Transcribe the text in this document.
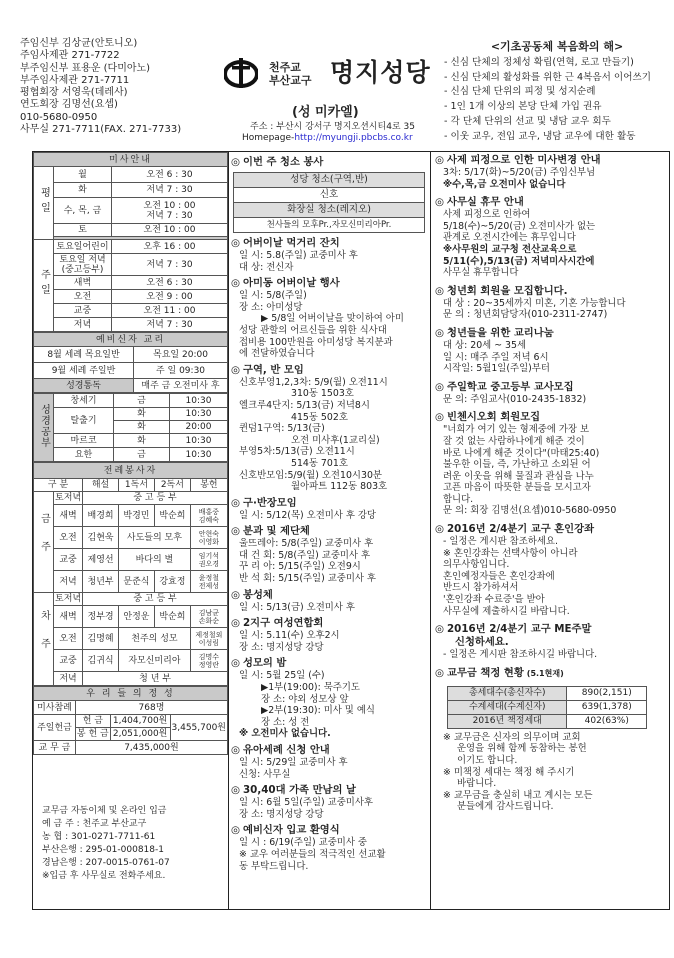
주임신부 김상균(안토니오)
주임사제관 271-7722
부주임신부 표용운 (다미아노)
부주임사제관 271-7711
평협회장 서영욱(데레사)
연도회장 김명선(요셉)
010-5680-0950
사무실 271-7711(FAX. 271-7733)
천주교
부산교구 명지성당
(성 미카엘)
주소 : 부산시 강서구 명지오션시티4로 35
Homepage-http://myungji.pbcbs.co.kr
<기초공동체 복음화의 해>
- 신심 단체의 정체성 확립(연혁, 로고 만들기)
- 신심 단체의 활성화를 위한 근 4복음서 이어쓰기
- 신심 단체 단위의 피정 및 성지순례
- 1인 1개 이상의 본당 단체 가입 권유
- 각 단체 단위의 선교 및 냉담 교우 회두
- 이웃 교우, 전입 교우, 냉담 교우에 대한 활동
미사안내		
평일	월	오전 6 : 30
	화	저녁 7 : 30
	수, 목, 금	오전 10 : 00
저녁 7 : 30
	토	오전 10 : 00

주일	토요일어린이	오후 16 : 00
	토요일 저녁
(중고등부)	저녁 7 : 30
	새벽	오전 6 : 30
	오전	오전 9 : 00
	교중	오전 11 : 00
	저녁	저녁 7 : 30
예비신자 교리	
8월 세례 목요일반	목요일 20:00
9월 세례 주일반	주 일 09:30
성경통독	매주 금 오전미사 후
성경공부	창세기	금	10:30
	탈출기	화	10:30
		화	20:00
	마르코	화	10:30
	요한	금	10:30
전례봉사자					
구 분		해설	1독서	2독서	봉헌
금주	토저녁	중 고 등 부			
	새벽	배경희	박경민	박순희	배홍중
김혜숙
	오전	김현욱	사도들의 모후		안현숙
이영화
	교중	제영선	바다의 별		임기석
권오경
	저녁	청년부	문준식	강효정	윤정철
전제성
차주	토저녁	중 고 등 부			
	새벽	정부경	안정운	박순희	김남균
손화순
	오전	김명혜	천주의 성모		제정철외
이성림
	교중	김귀식	자모신미리아		김명수
정영란
	저녁	청 년 부			
우 리 들 의 정 성			
미사참례	768명		
주일헌금	헌 금	1,404,700원	3,455,700원
	봉 헌 금	2,051,000원	
교 무 금	7,435,000원		
교무금 자동이체 및 온라인 입금
예 금 주 : 천주교 부산교구
농 협 : 301-0271-7711-61
부산은행 : 295-01-000818-1
경남은행 : 207-0015-0761-07
※입금 후 사무실로 전화주세요.
◎ 이번 주 청소 봉사
성당 청소(구역,반)
신호
화장실 청소(레지오)
천사들의 모후Pr.,자모신미리아Pr.
◎ 어버이날 먹거리 잔치
일 시: 5.8(주일) 교중미사 후
대 상: 전신자
◎ 아미동 어버이날 행사
일 시: 5/8(주일)
장 소: 아미성당
▶ 5/8일 어버이날을 맞이하여 아미
성당 관할의 어르신들을 위한 식사대
접비용 100만원을 아미성당 복지분과
에 전달하였습니다
◎ 구역, 반 모임
신호부영1,2,3차: 5/9(월) 오전11시
310동 1503호
엘크루4단지: 5/13(금) 저녁8시
415동 502호
퀸덤1구역: 5/13(금)
오전 미사후(1교리실)
부영5차:5/13(금) 오전11시
514동 701호
신호반모임:5/9(월) 오전10시30분
월아파트 112동 803호
◎ 구·반장모임
일 시: 5/12(목) 오전미사 후 강당
◎ 분과 및 제단체
울뜨레아: 5/8(주일) 교중미사 후
대 건 회: 5/8(주일) 교중미사 후
꾸 리 아: 5/15(주일) 오전9시
반 석 회: 5/15(주일) 교중미사 후
◎ 봉성체
일 시: 5/13(금) 오전미사 후
◎ 2지구 여성연합회
일 시: 5.11(수) 오후2시
장 소: 명지성당 강당
◎ 성모의 밤
일 시: 5월 25일 (수)
▶1부(19:00): 묵주기도
장 소: 야외 성모상 앞
▶2부(19:30): 미사 및 예식
장 소: 성 전
※ 오전미사 없습니다.
◎ 유아세례 신청 안내
일 시: 5/29일 교중미사 후
신청: 사무실
◎ 30,40대 가족 만남의 날
일 시: 6월 5일(주일) 교중미사후
장 소: 명지성당 강당
◎ 예비신자 입교 환영식
일 시 : 6/19(주일) 교중미사 중
※ 교우 여러분들의 적극적인 선교활
동 부탁드립니다.
◎ 사제 피정으로 인한 미사변경 안내
3차: 5/17(화)~5/20(금) 주임신부님
※수,목,금 오전미사 없습니다
◎ 사무실 휴무 안내
사제 피정으로 인하여
5/18(수)~5/20(금) 오전미사가 없는
관계로 오전시간에는 휴무입니다
※사무원의 교구청 전산교육으로
5/11(수),5/13(금) 저녁미사시간에
사무실 휴무합니다
◎ 청년회 회원을 모집합니다.
대 상 : 20~35세까지 미혼, 기혼 가능합니다
문 의 : 청년회담당자(010-2311-2747)
◎ 청년들을 위한 교리나눔
대 상: 20세 ~ 35세
일 시: 매주 주일 저녁 6시
시작일: 5월1일(주일)부터
◎ 주일학교 중고등부 교사모집
문 의: 주임교사(010-2435-1832)
◎ 빈첸시오회 회원모집
"너희가 여기 있는 형제중에 가장 보
잘 것 없는 사람하나에게 해준 것이
바로 나에게 해준 것이다"(마태25:40)
불우한 이들, 즉, 가난하고 소외된 어
려운 이웃을 위해 물질과 관심을 나누
고픈 마음이 따뜻한 분들을 모시고자
합니다.
문 의: 회장 김명선(요셉)010-5680-0950
◎ 2016년 2/4분기 교구 혼인강좌
- 일정은 게시판 참조하세요.
※ 혼인강좌는 선택사항이 아니라
의무사항입니다.
혼인예정자들은 혼인강좌에
반드시 참가하셔서
'혼인강좌 수료증'을 받아
사무실에 제출하시길 바랍니다.
◎ 2016년 2/4분기 교구 ME주말
신청하세요.
- 일정은 게시판 참조하시길 바랍니다.
◎ 교무금 책정 현황 (5.1현재)
총세대수(총신자수)	890(2,151)
수계세대(수계신자)	639(1,378)
2016년 책정세대	402(63%)
※ 교무금은 신자의 의무이며 교회
운영을 위해 함께 동참하는 봉헌
이기도 합니다.
※ 미책정 세대는 책정 해 주시기
바랍니다.
※ 교무금을 충실히 내고 계시는 모든
분들에게 감사드립니다.
